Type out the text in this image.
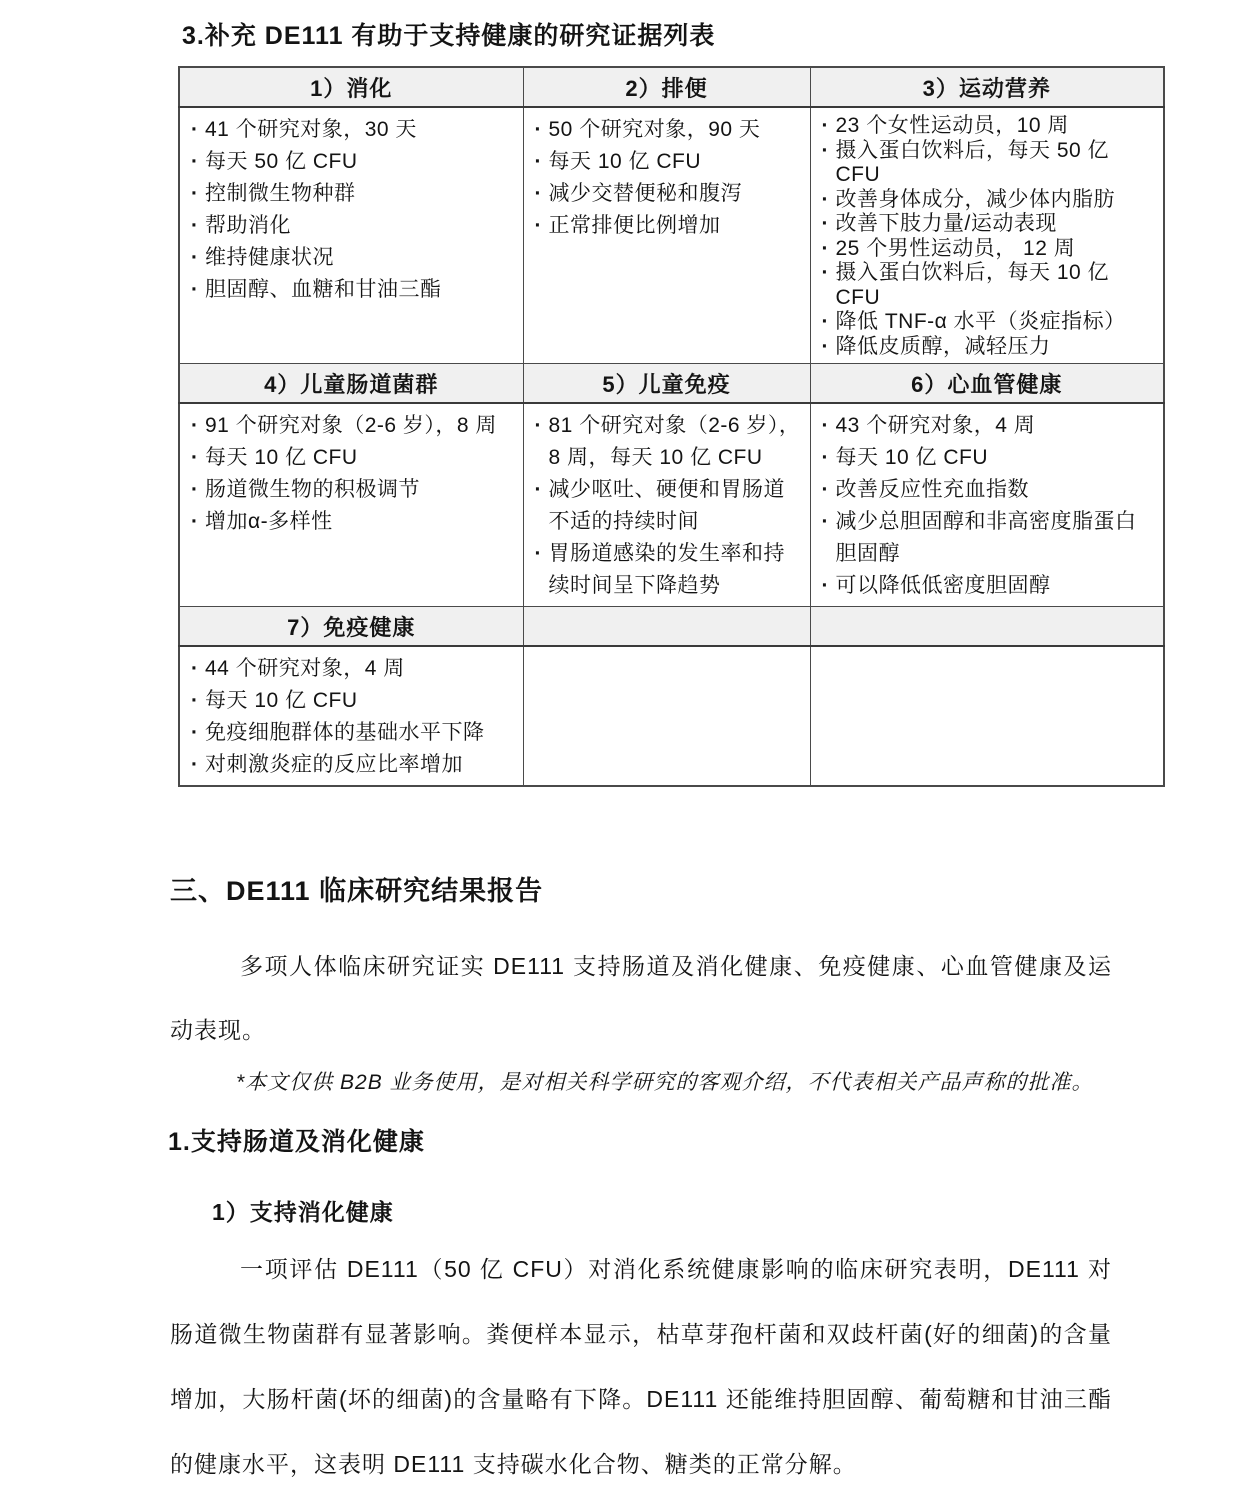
3.补充 DE111 有助于支持健康的研究证据列表
1）消化	2）排便	3）运动营养

· 41 个研究对象，30 天
· 每天 50 亿 CFU
· 控制微生物种群
· 帮助消化
· 维持健康状况
· 胆固醇、血糖和甘油三酯

· 50 个研究对象，90 天
· 每天 10 亿 CFU
· 减少交替便秘和腹泻
· 正常排便比例增加

· 23 个女性运动员，10 周
· 摄入蛋白饮料后，每天 50 亿 CFU
· 改善身体成分，减少体内脂肪
· 改善下肢力量/运动表现
· 25 个男性运动员， 12 周
· 摄入蛋白饮料后，每天 10 亿 CFU
· 降低 TNF-α 水平（炎症指标）
· 降低皮质醇，减轻压力

4）儿童肠道菌群	5）儿童免疫	6）心血管健康

· 91 个研究对象（2-6 岁），8 周
· 每天 10 亿 CFU
· 肠道微生物的积极调节
· 增加α-多样性

· 81 个研究对象（2-6 岁），8 周，每天 10 亿 CFU
· 减少呕吐、硬便和胃肠道不适的持续时间
· 胃肠道感染的发生率和持续时间呈下降趋势

· 43 个研究对象，4 周
· 每天 10 亿 CFU
· 改善反应性充血指数
· 减少总胆固醇和非高密度脂蛋白胆固醇
· 可以降低低密度胆固醇

7）免疫健康		

· 44 个研究对象，4 周
· 每天 10 亿 CFU
· 免疫细胞群体的基础水平下降
· 对刺激炎症的反应比率增加

三、DE111 临床研究结果报告

多项人体临床研究证实 DE111 支持肠道及消化健康、免疫健康、心血管健康及运动表现。

*本文仅供 B2B 业务使用，是对相关科学研究的客观介绍，不代表相关产品声称的批准。

1.支持肠道及消化健康
1）支持消化健康

一项评估 DE111（50 亿 CFU）对消化系统健康影响的临床研究表明，DE111 对肠道微生物菌群有显著影响。粪便样本显示，枯草芽孢杆菌和双歧杆菌(好的细菌)的含量增加，大肠杆菌(坏的细菌)的含量略有下降。DE111 还能维持胆固醇、葡萄糖和甘油三酯的健康水平，这表明 DE111 支持碳水化合物、糖类的正常分解。
